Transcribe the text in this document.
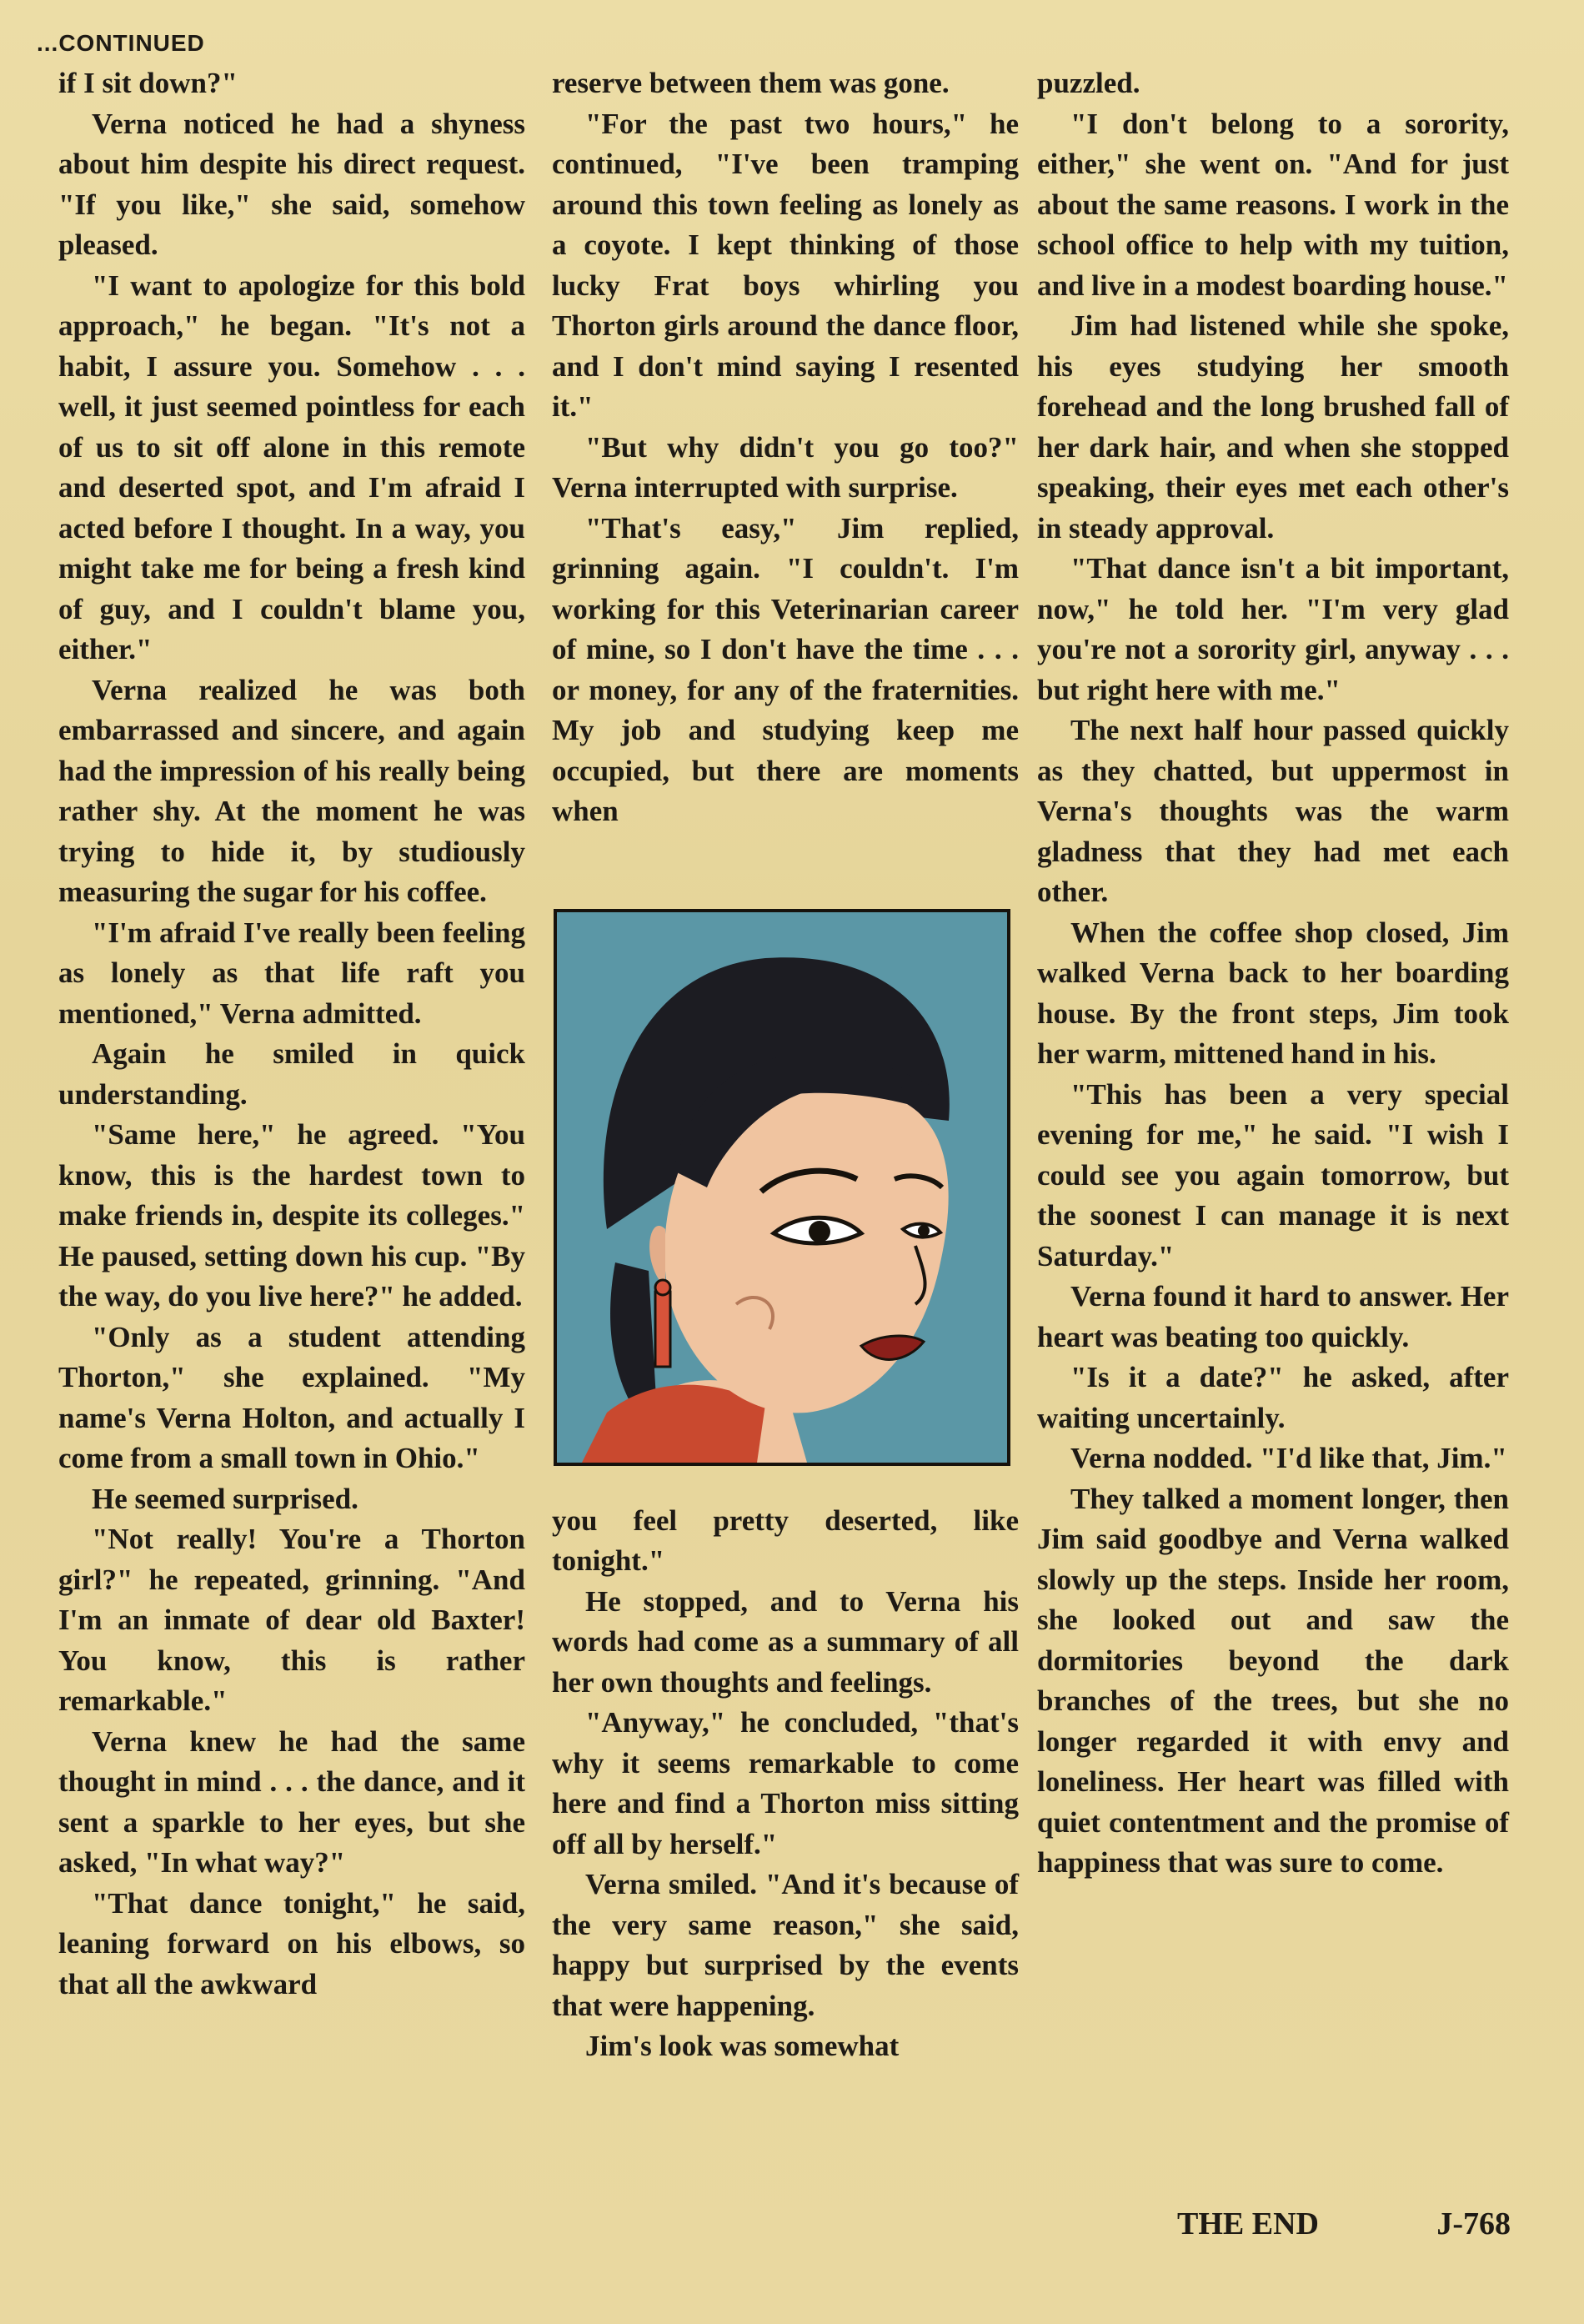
...CONTINUED

if I sit down?"

Verna noticed he had a shyness about him despite his direct request. "If you like," she said, somehow pleased.

"I want to apologize for this bold approach," he began. "It's not a habit, I assure you. Somehow . . . well, it just seemed pointless for each of us to sit off alone in this remote and deserted spot, and I'm afraid I acted before I thought. In a way, you might take me for being a fresh kind of guy, and I couldn't blame you, either."

Verna realized he was both embarrassed and sincere, and again had the impression of his really being rather shy. At the moment he was trying to hide it, by studiously measuring the sugar for his coffee.

"I'm afraid I've really been feeling as lonely as that life raft you mentioned," Verna admitted.

Again he smiled in quick understanding.

"Same here," he agreed. "You know, this is the hardest town to make friends in, despite its colleges." He paused, setting down his cup. "By the way, do you live here?" he added.

"Only as a student attending Thorton," she explained. "My name's Verna Holton, and actually I come from a small town in Ohio."

He seemed surprised.

"Not really! You're a Thorton girl?" he repeated, grinning. "And I'm an inmate of dear old Baxter! You know, this is rather remarkable."

Verna knew he had the same thought in mind . . . the dance, and it sent a sparkle to her eyes, but she asked, "In what way?"

"That dance tonight," he said, leaning forward on his elbows, so that all the awkward

reserve between them was gone.

"For the past two hours," he continued, "I've been tramping around this town feeling as lonely as a coyote. I kept thinking of those lucky Frat boys whirling you Thorton girls around the dance floor, and I don't mind saying I resented it."

"But why didn't you go too?" Verna interrupted with surprise.

"That's easy," Jim replied, grinning again. "I couldn't. I'm working for this Veterinarian career of mine, so I don't have the time . . . or money, for any of the fraternities. My job and studying keep me occupied, but there are moments when

you feel pretty deserted, like tonight."

He stopped, and to Verna his words had come as a summary of all her own thoughts and feelings.

"Anyway," he concluded, "that's why it seems remarkable to come here and find a Thorton miss sitting off all by herself."

Verna smiled. "And it's because of the very same reason," she said, happy but surprised by the events that were happening.

Jim's look was somewhat

puzzled.

"I don't belong to a sorority, either," she went on. "And for just about the same reasons. I work in the school office to help with my tuition, and live in a modest boarding house."

Jim had listened while she spoke, his eyes studying her smooth forehead and the long brushed fall of her dark hair, and when she stopped speaking, their eyes met each other's in steady approval.

"That dance isn't a bit important, now," he told her. "I'm very glad you're not a sorority girl, anyway . . . but right here with me."

The next half hour passed quickly as they chatted, but uppermost in Verna's thoughts was the warm gladness that they had met each other.

When the coffee shop closed, Jim walked Verna back to her boarding house. By the front steps, Jim took her warm, mittened hand in his.

"This has been a very special evening for me," he said. "I wish I could see you again tomorrow, but the soonest I can manage it is next Saturday."

Verna found it hard to answer. Her heart was beating too quickly.

"Is it a date?" he asked, after waiting uncertainly.

Verna nodded. "I'd like that, Jim."

They talked a moment longer, then Jim said goodbye and Verna walked slowly up the steps. Inside her room, she looked out and saw the dormitories beyond the dark branches of the trees, but she no longer regarded it with envy and loneliness. Her heart was filled with quiet contentment and the promise of happiness that was sure to come.

THE END	J-768
